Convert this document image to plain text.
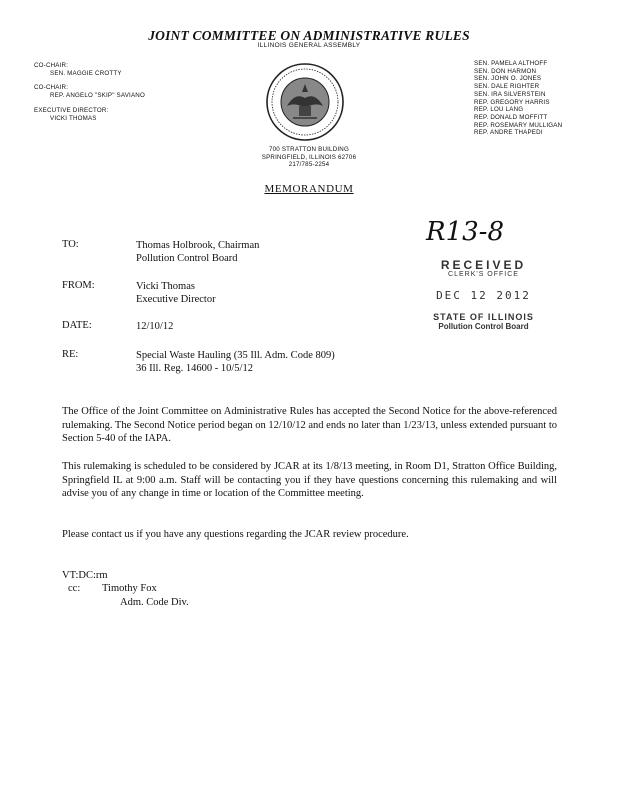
JOINT COMMITTEE ON ADMINISTRATIVE RULES
ILLINOIS GENERAL ASSEMBLY
CO-CHAIR:
SEN. MAGGIE CROTTY
CO-CHAIR:
REP. ANGELO "SKIP" SAVIANO
EXECUTIVE DIRECTOR:
VICKI THOMAS
SEN. PAMELA ALTHOFF
SEN. DON HARMON
SEN. JOHN O. JONES
SEN. DALE RIGHTER
SEN. IRA SILVERSTEIN
REP. GREGORY HARRIS
REP. LOU LANG
REP. DONALD MOFFITT
REP. ROSEMARY MULLIGAN
REP. ANDRE THAPEDI
700 STRATTON BUILDING
SPRINGFIELD, ILLINOIS 62706
217/785-2254
MEMORANDUM
R13-8
RECEIVED
CLERK'S OFFICE
DEC 12 2012
STATE OF ILLINOIS
Pollution Control Board
TO:	Thomas Holbrook, Chairman
Pollution Control Board
FROM:	Vicki Thomas
Executive Director
DATE:	12/10/12
RE:	Special Waste Hauling (35 Ill. Adm. Code 809)
36 Ill. Reg. 14600 - 10/5/12
The Office of the Joint Committee on Administrative Rules has accepted the Second Notice for the above-referenced rulemaking. The Second Notice period began on 12/10/12 and ends no later than 1/23/13, unless extended pursuant to Section 5-40 of the IAPA.
This rulemaking is scheduled to be considered by JCAR at its 1/8/13 meeting, in Room D1, Stratton Office Building, Springfield IL at 9:00 a.m. Staff will be contacting you if they have questions concerning this rulemaking and will advise you of any change in time or location of the Committee meeting.
Please contact us if you have any questions regarding the JCAR review procedure.
VT:DC:rm
cc: Timothy Fox
Adm. Code Div.
